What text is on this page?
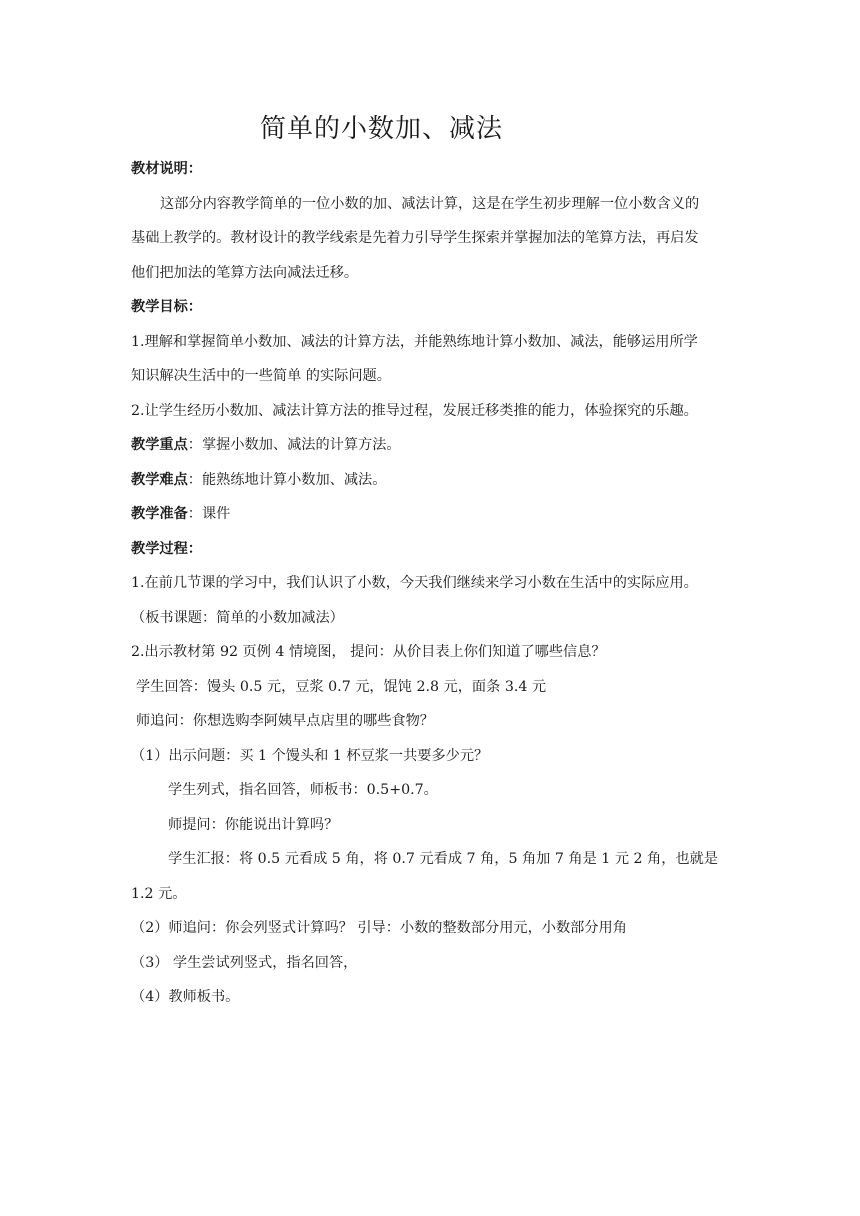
简单的小数加、减法

教材说明：

这部分内容教学简单的一位小数的加、减法计算，这是在学生初步理解一位小数含义的

基础上教学的。教材设计的教学线索是先着力引导学生探索并掌握加法的笔算方法，再启发

他们把加法的笔算方法向减法迁移。

教学目标：

1.理解和掌握简单小数加、减法的计算方法，并能熟练地计算小数加、减法，能够运用所学

知识解决生活中的一些简单 的实际问题。

2.让学生经历小数加、减法计算方法的推导过程，发展迁移类推的能力，体验探究的乐趣。

教学重点：掌握小数加、减法的计算方法。

教学难点：能熟练地计算小数加、减法。

教学准备：课件

教学过程：

1.在前几节课的学习中，我们认识了小数，今天我们继续来学习小数在生活中的实际应用。

（板书课题：简单的小数加减法）

2.出示教材第 92 页例 4 情境图， 提问：从价目表上你们知道了哪些信息？

学生回答：馒头 0.5 元，豆浆 0.7 元，馄饨 2.8 元，面条 3.4 元

师追问：你想选购李阿姨早点店里的哪些食物？

（1）出示问题：买 1 个馒头和 1 杯豆浆一共要多少元？

学生列式，指名回答，师板书：0.5+0.7。

师提问：你能说出计算吗？

学生汇报：将 0.5 元看成 5 角，将 0.7 元看成 7 角，5 角加 7 角是 1 元 2 角，也就是

1.2 元。

（2）师追问：你会列竖式计算吗？ 引导：小数的整数部分用元，小数部分用角

（3） 学生尝试列竖式，指名回答，

（4）教师板书。
